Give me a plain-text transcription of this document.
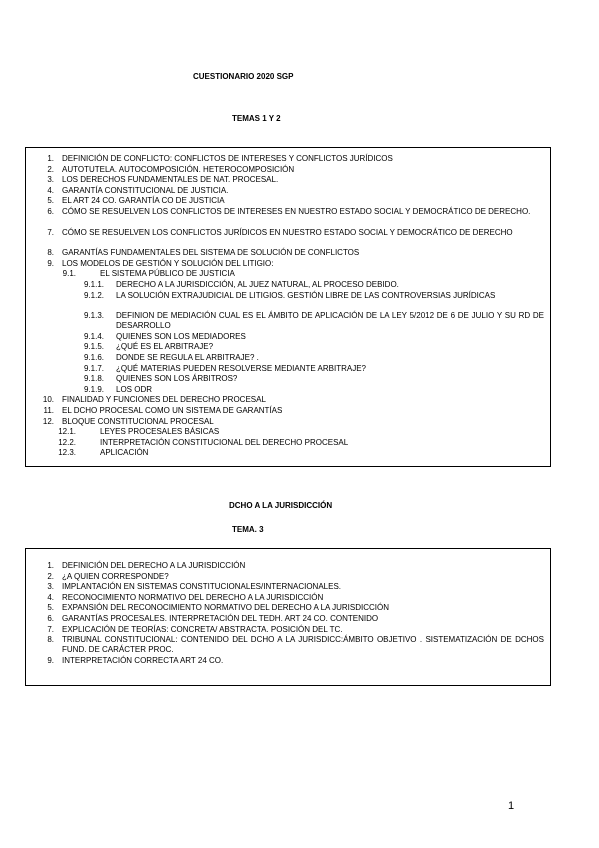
CUESTIONARIO 2020 SGP
TEMAS 1 Y 2
1. DEFINICIÓN DE CONFLICTO: CONFLICTOS DE INTERESES Y CONFLICTOS JURÍDICOS
2. AUTOTUTELA. AUTOCOMPOSICIÓN. HETEROCOMPOSICIÓN
3. LOS DERECHOS FUNDAMENTALES DE NAT. PROCESAL.
4. GARANTÍA CONSTITUCIONAL DE JUSTICIA.
5. EL ART 24 CO. GARANTÍA CO DE JUSTICIA
6. CÓMO SE RESUELVEN LOS CONFLICTOS DE INTERESES EN NUESTRO ESTADO SOCIAL Y DEMOCRÁTICO DE DERECHO.
7. CÓMO SE RESUELVEN LOS CONFLICTOS JURÍDICOS EN NUESTRO ESTADO SOCIAL Y DEMOCRÁTICO DE DERECHO
8. GARANTÍAS FUNDAMENTALES DEL SISTEMA DE SOLUCIÓN DE CONFLICTOS
9. LOS MODELOS DE GESTIÓN Y SOLUCIÓN DEL LITIGIO:
9.1.	EL SISTEMA PÚBLICO DE JUSTICIA
9.1.1. DERECHO A LA JURISDICCIÓN, AL JUEZ NATURAL, AL PROCESO DEBIDO.
9.1.2. LA SOLUCIÓN EXTRAJUDICIAL DE LITIGIOS. GESTIÓN LIBRE DE LAS CONTROVERSIAS JURÍDICAS
9.1.3. DEFINION DE MEDIACIÓN CUAL ES EL ÁMBITO DE APLICACIÓN DE LA LEY 5/2012 DE 6 DE JULIO Y SU RD DE DESARROLLO
9.1.4. QUIENES SON LOS MEDIADORES
9.1.5. ¿QUÉ ES EL ARBITRAJE?
9.1.6. DONDE SE REGULA EL ARBITRAJE? .
9.1.7. ¿QUÉ MATERIAS PUEDEN RESOLVERSE MEDIANTE ARBITRAJE?
9.1.8. QUIENES SON LOS ÁRBITROS?
9.1.9. LOS ODR
10. FINALIDAD Y FUNCIONES DEL DERECHO PROCESAL
11. EL DCHO PROCESAL COMO UN SISTEMA DE GARANTÍAS
12. BLOQUE CONSTITUCIONAL PROCESAL
12.1.	LEYES PROCESALES BÁSICAS
12.2.	INTERPRETACIÓN CONSTITUCIONAL DEL DERECHO PROCESAL
12.3.	APLICACIÓN
DCHO A LA JURISDICCIÓN
TEMA. 3
1. DEFINICIÓN DEL DERECHO A LA JURISDICCIÓN
2. ¿A QUIEN CORRESPONDE?
3. IMPLANTACIÓN EN SISTEMAS CONSTITUCIONALES/INTERNACIONALES.
4. RECONOCIMIENTO NORMATIVO DEL DERECHO A LA JURISDICCIÓN
5. EXPANSIÓN DEL RECONOCIMIENTO NORMATIVO DEL DERECHO A LA JURISDICCIÓN
6. GARANTÍAS PROCESALES. INTERPRETACIÓN DEL TEDH. ART 24 CO. CONTENIDO
7. EXPLICACIÓN DE TEORÍAS: CONCRETA/ ABSTRACTA. POSICIÓN DEL TC.
8. TRIBUNAL CONSTITUCIONAL: CONTENIDO DEL DCHO A LA JURISDICC:ÁMBITO OBJETIVO . SISTEMATIZACIÓN DE DCHOS FUND. DE CARÁCTER PROC.
9. INTERPRETACIÓN CORRECTA ART 24 CO.
1
